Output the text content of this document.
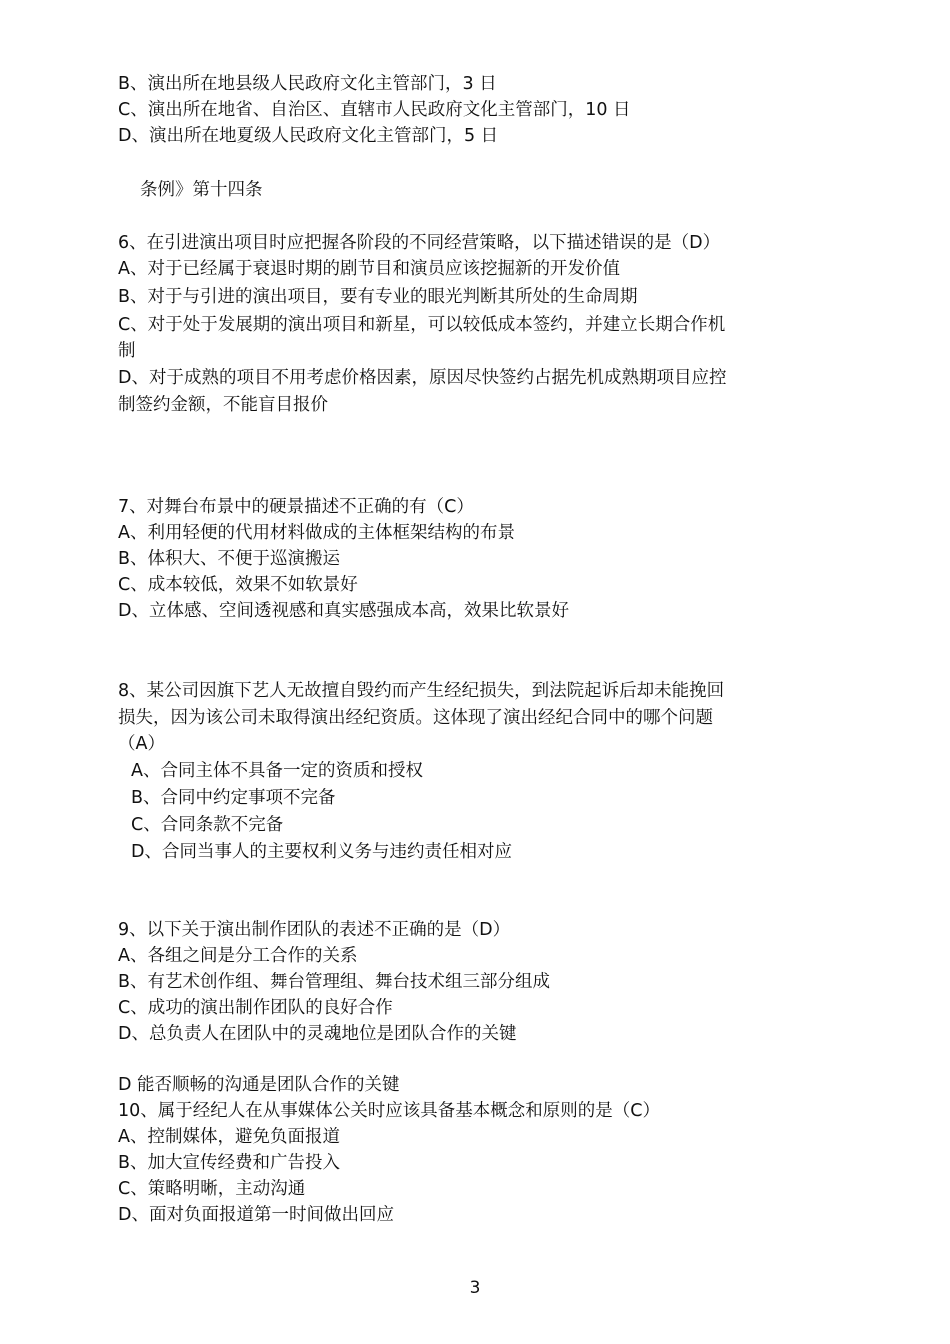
B、演出所在地县级人民政府文化主管部门，3 日
C、演出所在地省、自治区、直辖市人民政府文化主管部门，10 日
D、演出所在地夏级人民政府文化主管部门，5 日
条例》第十四条
6、在引进演出项目时应把握各阶段的不同经营策略，以下描述错误的是（D）
A、对于已经属于衰退时期的剧节目和演员应该挖掘新的开发价值
B、对于与引进的演出项目，要有专业的眼光判断其所处的生命周期
C、对于处于发展期的演出项目和新星，可以较低成本签约，并建立长期合作机
制
D、对于成熟的项目不用考虑价格因素，原因尽快签约占据先机成熟期项目应控
制签约金额，不能盲目报价
7、对舞台布景中的硬景描述不正确的有（C）
A、利用轻便的代用材料做成的主体框架结构的布景
B、体积大、不便于巡演搬运
C、成本较低，效果不如软景好
D、立体感、空间透视感和真实感强成本高，效果比软景好
8、某公司因旗下艺人无故擅自毁约而产生经纪损失，到法院起诉后却未能挽回
损失，因为该公司未取得演出经纪资质。这体现了演出经纪合同中的哪个问题
（A）
A、合同主体不具备一定的资质和授权
B、合同中约定事项不完备
C、合同条款不完备
D、合同当事人的主要权利义务与违约责任相对应
9、以下关于演出制作团队的表述不正确的是（D）
A、各组之间是分工合作的关系
B、有艺术创作组、舞台管理组、舞台技术组三部分组成
C、成功的演出制作团队的良好合作
D、总负责人在团队中的灵魂地位是团队合作的关键
D 能否顺畅的沟通是团队合作的关键
10、属于经纪人在从事媒体公关时应该具备基本概念和原则的是（C）
A、控制媒体，避免负面报道
B、加大宣传经费和广告投入
C、策略明晰，主动沟通
D、面对负面报道第一时间做出回应
3
